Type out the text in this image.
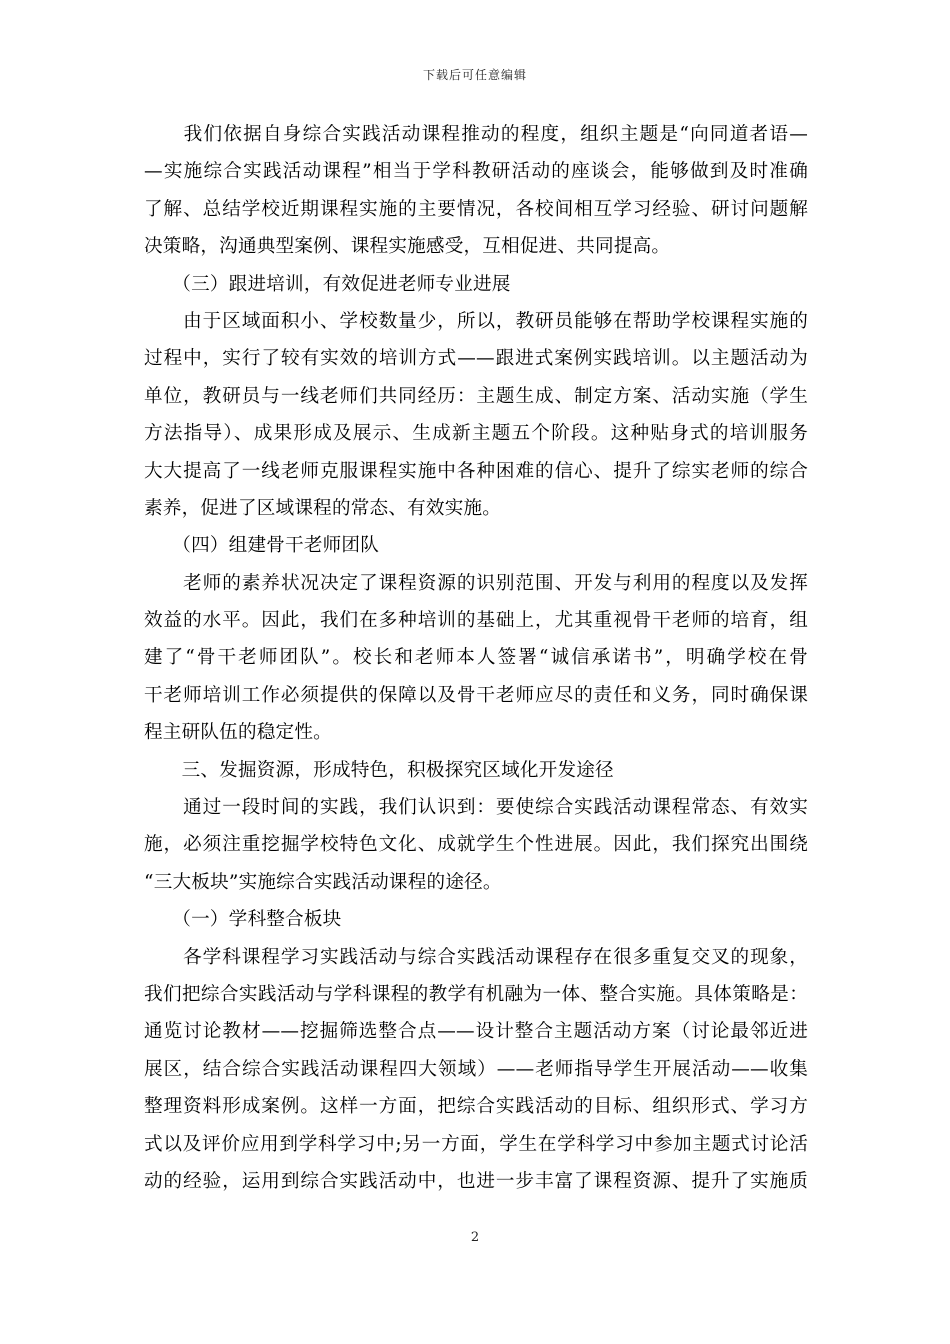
下载后可任意编辑
　　我们依据自身综合实践活动课程推动的程度，组织主题是“向同道者语—
—实施综合实践活动课程”相当于学科教研活动的座谈会，能够做到及时准确
了解、总结学校近期课程实施的主要情况，各校间相互学习经验、研讨问题解
决策略，沟通典型案例、课程实施感受，互相促进、共同提高。
　　（三）跟进培训，有效促进老师专业进展
　　由于区域面积小、学校数量少，所以，教研员能够在帮助学校课程实施的
过程中，实行了较有实效的培训方式——跟进式案例实践培训。以主题活动为
单位，教研员与一线老师们共同经历：主题生成、制定方案、活动实施（学生
方法指导）、成果形成及展示、生成新主题五个阶段。这种贴身式的培训服务
大大提高了一线老师克服课程实施中各种困难的信心、提升了综实老师的综合
素养，促进了区域课程的常态、有效实施。
　　（四）组建骨干老师团队
　　老师的素养状况决定了课程资源的识别范围、开发与利用的程度以及发挥
效益的水平。因此，我们在多种培训的基础上，尤其重视骨干老师的培育，组
建了“骨干老师团队”。校长和老师本人签署“诚信承诺书”，明确学校在骨
干老师培训工作必须提供的保障以及骨干老师应尽的责任和义务，同时确保课
程主研队伍的稳定性。
　　三、发掘资源，形成特色，积极探究区域化开发途径
　　通过一段时间的实践，我们认识到：要使综合实践活动课程常态、有效实
施，必须注重挖掘学校特色文化、成就学生个性进展。因此，我们探究出围绕
“三大板块”实施综合实践活动课程的途径。
　　（一）学科整合板块
　　各学科课程学习实践活动与综合实践活动课程存在很多重复交叉的现象，
我们把综合实践活动与学科课程的教学有机融为一体、整合实施。具体策略是：
通览讨论教材——挖掘筛选整合点——设计整合主题活动方案（讨论最邻近进
展区，结合综合实践活动课程四大领域）——老师指导学生开展活动——收集
整理资料形成案例。这样一方面，把综合实践活动的目标、组织形式、学习方
式以及评价应用到学科学习中;另一方面，学生在学科学习中参加主题式讨论活
动的经验，运用到综合实践活动中，也进一步丰富了课程资源、提升了实施质
2
